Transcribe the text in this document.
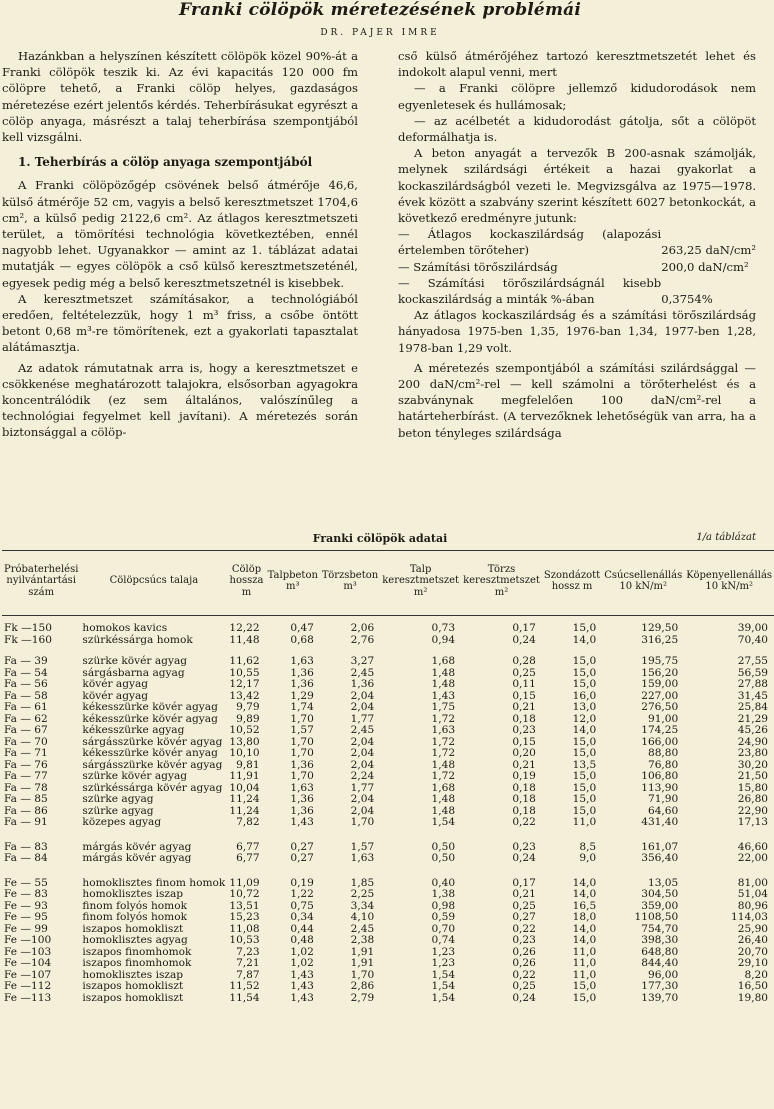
Franki cölöpök méretezésének problémái
DR. PAJER IMRE

Hazánkban a helyszínen készített cölöpök közel 90%-át a Franki cölöpök teszik ki. Az évi kapacitás 120 000 fm cölöpre tehető, a Franki cölöp helyes, gazdaságos méretezése ezért jelentős kérdés. Teherbírásukat egyrészt a cölöp anyaga, másrészt a talaj teherbírása szempontjából kell vizsgálni.

1. Teherbírás a cölöp anyaga szempontjából

A Franki cölöpözőgép csövének belső átmérője 46,6, külső átmérője 52 cm, vagyis a belső keresztmetszet 1704,6 cm², a külső pedig 2122,6 cm². Az átlagos keresztmetszeti terület, a tömörítési technológia következtében, ennél nagyobb lehet. Ugyanakkor — amint az 1. táblázat adatai mutatják — egyes cölöpök a cső külső keresztmetszeténél, egyesek pedig még a belső keresztmetszetnél is kisebbek.

A keresztmetszet számításakor, a technológiából eredően, feltételezzük, hogy 1 m³ friss, a csőbe öntött betont 0,68 m³-re tömörítenek, ezt a gyakorlati tapasztalat alátámasztja.

Az adatok rámutatnak arra is, hogy a keresztmetszet e csökkenése meghatározott talajokra, elsősorban agyagokra koncentrálódik (ez sem általános, valószínűleg a technológiai fegyelmet kell javítani). A méretezés során biztonsággal a cölöp-

cső külső átmérőjéhez tartozó keresztmetszetét lehet és indokolt alapul venni, mert

— a Franki cölöpre jellemző kidudorodások nem egyenletesek és hullámosak;

— az acélbetét a kidudorodást gátolja, sőt a cölöpöt deformálhatja is.

A beton anyagát a tervezők B 200-asnak számolják, melynek szilárdsági értékeit a hazai gyakorlat a kockaszilárdságból vezeti le. Megvizsgálva az 1975—1978. évek között a szabvány szerint készített 6027 betonkockát, a következő eredményre jutunk:

— Átlagos kockaszilárdság (alapozási értelemben törőteher)	263,25 daN/cm²
— Számítási törőszilárdság	200,0 daN/cm²
— Számítási törőszilárdságnál kisebb kockaszilárdság a minták %-ában	0,3754%

Az átlagos kockaszilárdság és a számítási törőszilárdság hányadosa 1975-ben 1,35, 1976-ban 1,34, 1977-ben 1,28, 1978-ban 1,29 volt.

A méretezés szempontjából a számítási szilárdsággal — 200 daN/cm²-rel — kell számolni a törőterhelést és a szabványnak megfelelően 100 daN/cm²-rel a határteherbírást. (A tervezőknek lehetőségük van arra, ha a beton tényleges szilárdsága

Franki cölöpök adatai	1/a táblázat
Próbaterhelési nyilvántartási szám	Cölöpcsúcs talaja	Cölöp hossza m	Talpbeton m³	Törzsbeton m³	Talp keresztmetszet m²	Törzs keresztmetszet m²	Szondázott hossz m	Csúcsellenállás 10 kN/m²	Köpenyellenállás 10 kN/m²
Fk —150	homokos kavics	12,22	0,47	2,06	0,73	0,17	15,0	129,50	39,00
Fk —160	szürkéssárga homok	11,48	0,68	2,76	0,94	0,24	14,0	316,25	70,40

Fa — 39	szürke kövér agyag	11,62	1,63	3,27	1,68	0,28	15,0	195,75	27,55
Fa — 54	sárgásbarna agyag	10,55	1,36	2,45	1,48	0,25	15,0	156,20	56,59
Fa — 56	kövér agyag	12,17	1,36	1,36	1,48	0,11	15,0	159,00	27,88
Fa — 58	kövér agyag	13,42	1,29	2,04	1,43	0,15	16,0	227,00	31,45
Fa — 61	kékesszürke kövér agyag	9,79	1,74	2,04	1,75	0,21	13,0	276,50	25,84
Fa — 62	kékesszürke kövér agyag	9,89	1,70	1,77	1,72	0,18	12,0	91,00	21,29
Fa — 67	kékesszürke agyag	10,52	1,57	2,45	1,63	0,23	14,0	174,25	45,26
Fa — 70	sárgásszürke kövér agyag	13,80	1,70	2,04	1,72	0,15	15,0	166,00	24,90
Fa — 71	kékesszürke kövér anyag	10,10	1,70	2,04	1,72	0,20	15,0	88,80	23,80
Fa — 76	sárgásszürke kövér agyag	9,81	1,36	2,04	1,48	0,21	13,5	76,80	30,20
Fa — 77	szürke kövér agyag	11,91	1,70	2,24	1,72	0,19	15,0	106,80	21,50
Fa — 78	szürkéssárga kövér agyag	10,04	1,63	1,77	1,68	0,18	15,0	113,90	15,80
Fa — 85	szürke agyag	11,24	1,36	2,04	1,48	0,18	15,0	71,90	26,80
Fa — 86	szürke agyag	11,24	1,36	2,04	1,48	0,18	15,0	64,60	22,90
Fa — 91	közepes agyag	7,82	1,43	1,70	1,54	0,22	11,0	431,40	17,13

Fa — 83	márgás kövér agyag	6,77	0,27	1,57	0,50	0,23	8,5	161,07	46,60
Fa — 84	márgás kövér agyag	6,77	0,27	1,63	0,50	0,24	9,0	356,40	22,00

Fe — 55	homoklisztes finom homok	11,09	0,19	1,85	0,40	0,17	14,0	13,05	81,00
Fe — 83	homoklisztes iszap	10,72	1,22	2,25	1,38	0,21	14,0	304,50	51,04
Fe — 93	finom folyós homok	13,51	0,75	3,34	0,98	0,25	16,5	359,00	80,96
Fe — 95	finom folyós homok	15,23	0,34	4,10	0,59	0,27	18,0	1108,50	114,03
Fe — 99	iszapos homokliszt	11,08	0,44	2,45	0,70	0,22	14,0	754,70	25,90
Fe —100	homoklisztes agyag	10,53	0,48	2,38	0,74	0,23	14,0	398,30	26,40
Fe —103	iszapos finomhomok	7,23	1,02	1,91	1,23	0,26	11,0	648,80	20,70
Fe —104	iszapos finomhomok	7,21	1,02	1,91	1,23	0,26	11,0	844,40	29,10
Fe —107	homoklisztes iszap	7,87	1,43	1,70	1,54	0,22	11,0	96,00	8,20
Fe —112	iszapos homokliszt	11,52	1,43	2,86	1,54	0,25	15,0	177,30	16,50
Fe —113	iszapos homokliszt	11,54	1,43	2,79	1,54	0,24	15,0	139,70	19,80
